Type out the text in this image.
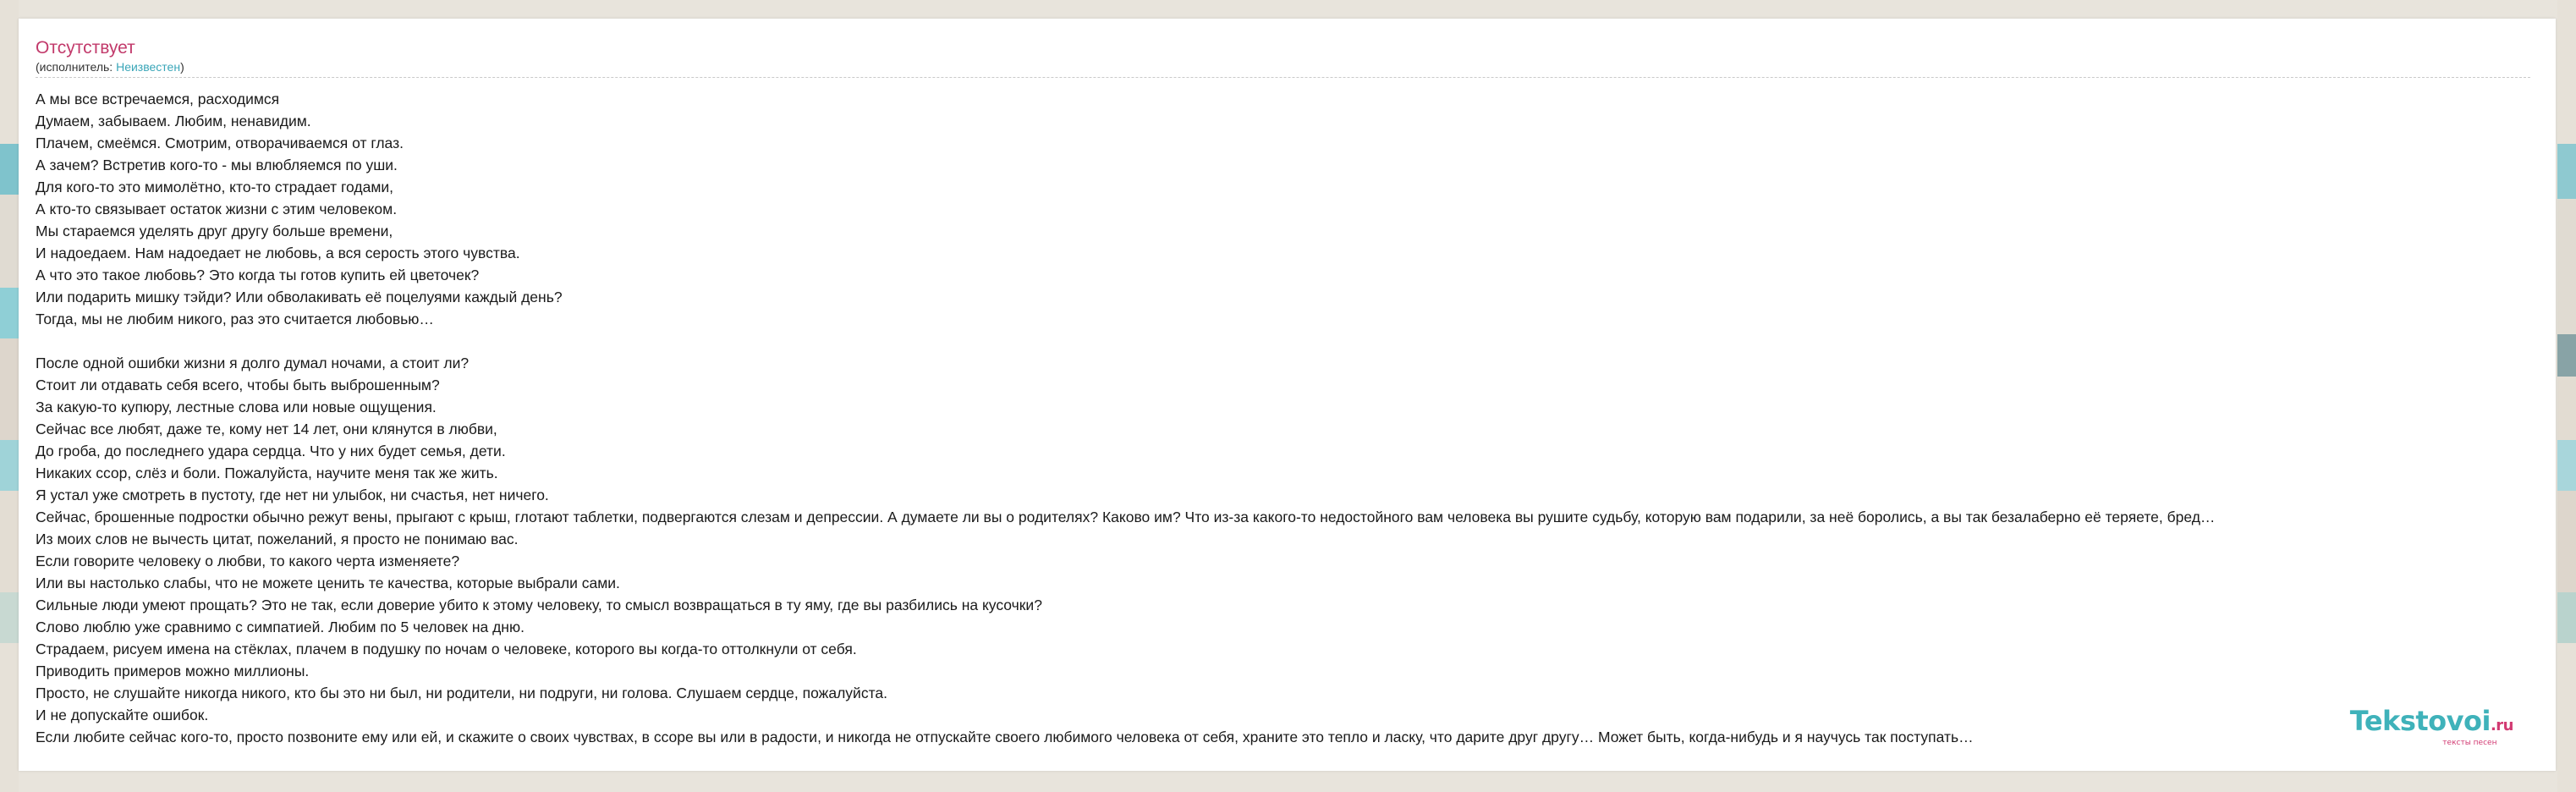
Отсутствует
(исполнитель: Неизвестен)
А мы все встречаемся, расходимся
Думаем, забываем. Любим, ненавидим.
Плачем, смеёмся. Смотрим, отворачиваемся от глаз.
А зачем? Встретив кого-то - мы влюбляемся по уши.
Для кого-то это мимолётно, кто-то страдает годами,
А кто-то связывает остаток жизни с этим человеком.
Мы стараемся уделять друг другу больше времени,
И надоедаем. Нам надоедает не любовь, а вся серость этого чувства.
А что это такое любовь? Это когда ты готов купить ей цветочек?
Или подарить мишку тэйди? Или обволакивать её поцелуями каждый день?
Тогда, мы не любим никого, раз это считается любовью…
После одной ошибки жизни я долго думал ночами, а стоит ли?
Стоит ли отдавать себя всего, чтобы быть выброшенным?
За какую-то купюру, лестные слова или новые ощущения.
Сейчас все любят, даже те, кому нет 14 лет, они клянутся в любви,
До гроба, до последнего удара сердца. Что у них будет семья, дети.
Никаких ссор, слёз и боли. Пожалуйста, научите меня так же жить.
Я устал уже смотреть в пустоту, где нет ни улыбок, ни счастья, нет ничего.
Сейчас, брошенные подростки обычно режут вены, прыгают с крыш, глотают таблетки, подвергаются слезам и депрессии. А думаете ли вы о родителях? Каково им? Что из-за какого-то недостойного вам человека вы рушите судьбу, которую вам подарили, за неё боролись, а вы так безалаберно её теряете, бред…
Из моих слов не вычесть цитат, пожеланий, я просто не понимаю вас.
Если говорите человеку о любви, то какого черта изменяете?
Или вы настолько слабы, что не можете ценить те качества, которые выбрали сами.
Сильные люди умеют прощать? Это не так, если доверие убито к этому человеку, то смысл возвращаться в ту яму, где вы разбились на кусочки?
Слово люблю уже сравнимо с симпатией. Любим по 5 человек на дню.
Страдаем, рисуем имена на стёклах, плачем в подушку по ночам о человеке, которого вы когда-то оттолкнули от себя.
Приводить примеров можно миллионы.
Просто, не слушайте никогда никого, кто бы это ни был, ни родители, ни подруги, ни голова. Слушаем сердце, пожалуйста.
И не допускайте ошибок.
Если любите сейчас кого-то, просто позвоните ему или ей, и скажите о своих чувствах, в ссоре вы или в радости, и никогда не отпускайте своего любимого человека от себя, храните это тепло и ласку, что дарите друг другу… Может быть, когда-нибудь и я научусь так поступать…	Tekstovoi.ru
тексты песен
